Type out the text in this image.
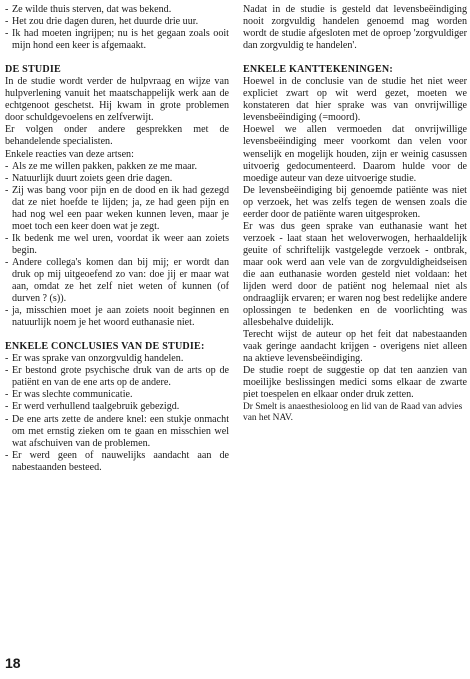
- Ze wilde thuis sterven, dat was bekend.
- Het zou drie dagen duren, het duurde drie uur.
- Ik had moeten ingrijpen; nu is het gegaan zoals ooit mijn hond een keer is afgemaakt.
DE STUDIE

In de studie wordt verder de hulpvraag en wijze van hulpverlening vanuit het maatschappelijk werk aan de echtgenoot geschetst. Hij kwam in grote problemen door schuldgevoelens en zelfverwijt.

Er volgen onder andere gesprekken met de behandelende specialisten.

Enkele reacties van deze artsen:

- Als ze me willen pakken, pakken ze me maar.
- Natuurlijk duurt zoiets geen drie dagen.
- Zij was bang voor pijn en de dood en ik had gezegd dat ze niet hoefde te lijden; ja, ze had geen pijn en had nog wel een paar weken kunnen leven, maar je moet toch een keer doen wat je zegt.
- Ik bedenk me wel uren, voordat ik weer aan zoiets begin.
- Andere collega's komen dan bij mij; er wordt dan druk op mij uitgeoefend zo van: doe jij er maar wat aan, omdat ze het zelf niet weten of kunnen (of durven ? (s)).
- ja, misschien moet je aan zoiets nooit beginnen en natuurlijk noem je het woord euthanasie niet.
ENKELE CONCLUSIES VAN DE STUDIE:
- Er was sprake van onzorgvuldig handelen.
- Er bestond grote psychische druk van de arts op de patiënt en van de ene arts op de andere.
- Er was slechte communicatie.
- Er werd verhullend taalgebruik gebezigd.
- De ene arts zette de andere knel: een stukje onmacht om met ernstig zieken om te gaan en misschien wel wat afschuiven van de problemen.
- Er werd geen of nauwelijks aandacht aan de nabestaanden besteed.

Nadat in de studie is gesteld dat levensbeëindiging nooit zorgvuldig handelen genoemd mag worden wordt de studie afgesloten met de oproep 'zorgvuldiger dan zorgvuldig te handelen'.

ENKELE KANTTEKENINGEN:

Hoewel in de conclusie van de studie het niet weer expliciet zwart op wit werd gezet, moeten we konstateren dat hier sprake was van onvrijwillige levensbeëindiging (=moord).

Hoewel we allen vermoeden dat onvrijwillige levensbeëindiging meer voorkomt dan velen voor wenselijk en mogelijk houden, zijn er weinig casussen uitvoerig gedocumenteerd. Daarom hulde voor de moedige auteur van deze uitvoerige studie.

De levensbeëindiging bij genoemde patiënte was niet op verzoek, het was zelfs tegen de wensen zoals die eerder door de patiënte waren uitgesproken.

Er was dus geen sprake van euthanasie want het verzoek - laat staan het weloverwogen, herhaaldelijk geuite of schriftelijk vastgelegde verzoek - ontbrak, maar ook werd aan vele van de zorgvuldigheidseisen die aan euthanasie worden gesteld niet voldaan: het lijden werd door de patiënt nog helemaal niet als ondraaglijk ervaren; er waren nog best redelijke andere oplossingen te bedenken en de voorlichting was allesbehalve duidelijk.

Terecht wijst de auteur op het feit dat nabestaanden vaak geringe aandacht krijgen - overigens niet alleen na aktieve levensbeëindiging.

De studie roept de suggestie op dat ten aanzien van moeilijke beslissingen medici soms elkaar de zwarte piet toespelen en elkaar onder druk zetten.

Dr Smelt is anaesthesioloog en lid van de Raad van advies van het NAV.

18
